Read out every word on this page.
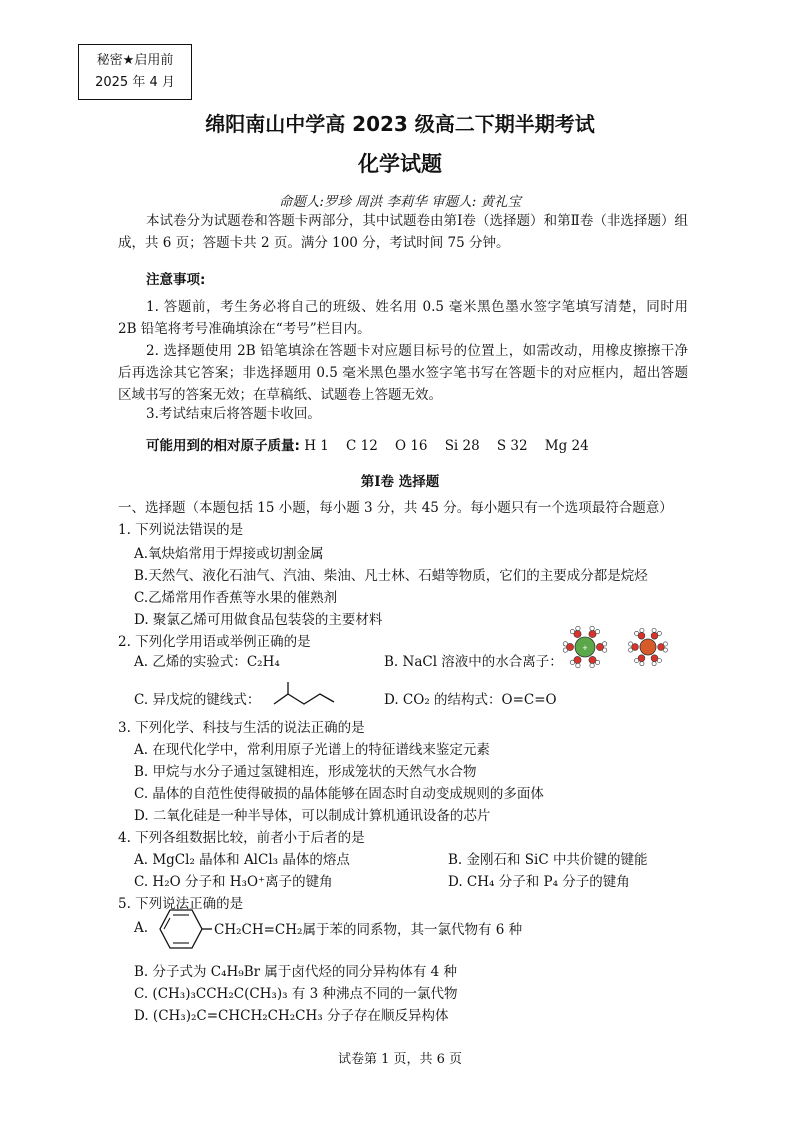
秘密★启用前
2025 年 4 月
绵阳南山中学高 2023 级高二下期半期考试
化学试题
命题人:罗珍 周洪 李莉华 审题人: 黄礼宝
本试卷分为试题卷和答题卡两部分，其中试题卷由第Ⅰ卷（选择题）和第Ⅱ卷（非选择题）组成，共 6 页；答题卡共 2 页。满分 100 分，考试时间 75 分钟。
注意事项:
1. 答题前，考生务必将自己的班级、姓名用 0.5 毫米黑色墨水签字笔填写清楚，同时用 2B 铅笔将考号准确填涂在“考号”栏目内。
2. 选择题使用 2B 铅笔填涂在答题卡对应题目标号的位置上，如需改动，用橡皮擦擦干净后再选涂其它答案；非选择题用 0.5 毫米黑色墨水签字笔书写在答题卡的对应框内，超出答题区域书写的答案无效；在草稿纸、试题卷上答题无效。
3.考试结束后将答题卡收回。
可能用到的相对原子质量: H 1    C 12    O 16    Si 28    S 32    Mg 24
第Ⅰ卷 选择题
一、选择题（本题包括 15 小题，每小题 3 分，共 45 分。每小题只有一个选项最符合题意）
1. 下列说法错误的是
A.氧炔焰常用于焊接或切割金属
B.天然气、液化石油气、汽油、柴油、凡士林、石蜡等物质，它们的主要成分都是烷烃
C.乙烯常用作香蕉等水果的催熟剂
D. 聚氯乙烯可用做食品包装袋的主要材料
2. 下列化学用语或举例正确的是
A. 乙烯的实验式：C₂H₄	B. NaCl 溶液中的水合离子：
+
C. 异戊烷的键线式：	D. CO₂ 的结构式：O=C=O
3. 下列化学、科技与生活的说法正确的是
A. 在现代化学中，常利用原子光谱上的特征谱线来鉴定元素
B. 甲烷与水分子通过氢键相连，形成笼状的天然气水合物
C. 晶体的自范性使得破损的晶体能够在固态时自动变成规则的多面体
D. 二氧化硅是一种半导体，可以制成计算机通讯设备的芯片
4. 下列各组数据比较，前者小于后者的是
A. MgCl₂ 晶体和 AlCl₃ 晶体的熔点	B. 金刚石和 SiC 中共价键的键能
C. H₂O 分子和 H₃O⁺离子的键角	D. CH₄ 分子和 P₄ 分子的键角
5. 下列说法正确的是
A.	CH₂CH=CH₂属于苯的同系物，其一氯代物有 6 种
B. 分子式为 C₄H₉Br 属于卤代烃的同分异构体有 4 种
C. (CH₃)₃CCH₂C(CH₃)₃ 有 3 种沸点不同的一氯代物
D. (CH₃)₂C=CHCH₂CH₂CH₃ 分子存在顺反异构体
试卷第 1 页，共 6 页
